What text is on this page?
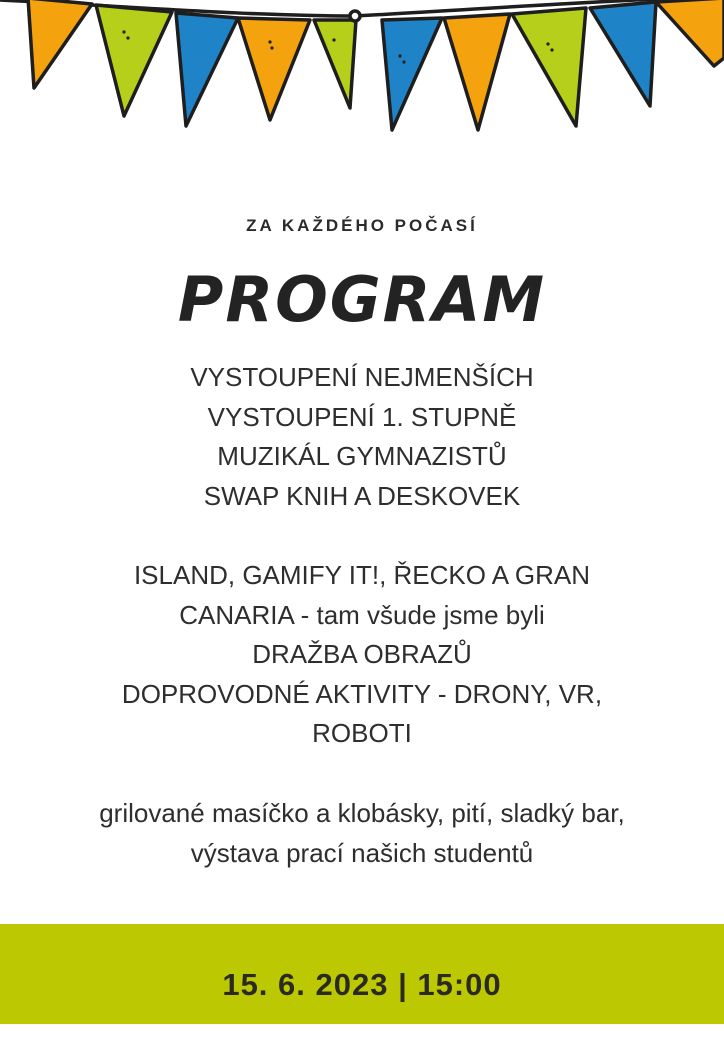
ZA KAŽDÉHO POČASÍ
PROGRAM
VYSTOUPENÍ NEJMENŠÍCH
VYSTOUPENÍ 1. STUPNĚ
MUZIKÁL GYMNAZISTŮ
SWAP KNIH A DESKOVEK
ISLAND, GAMIFY IT!, ŘECKO A GRAN
CANARIA - tam všude jsme byli
DRAŽBA OBRAZŮ
DOPROVODNÉ AKTIVITY - DRONY, VR,
ROBOTI
grilované masíčko a klobásky, pití, sladký bar,
výstava prací našich studentů
15. 6. 2023 | 15:00
